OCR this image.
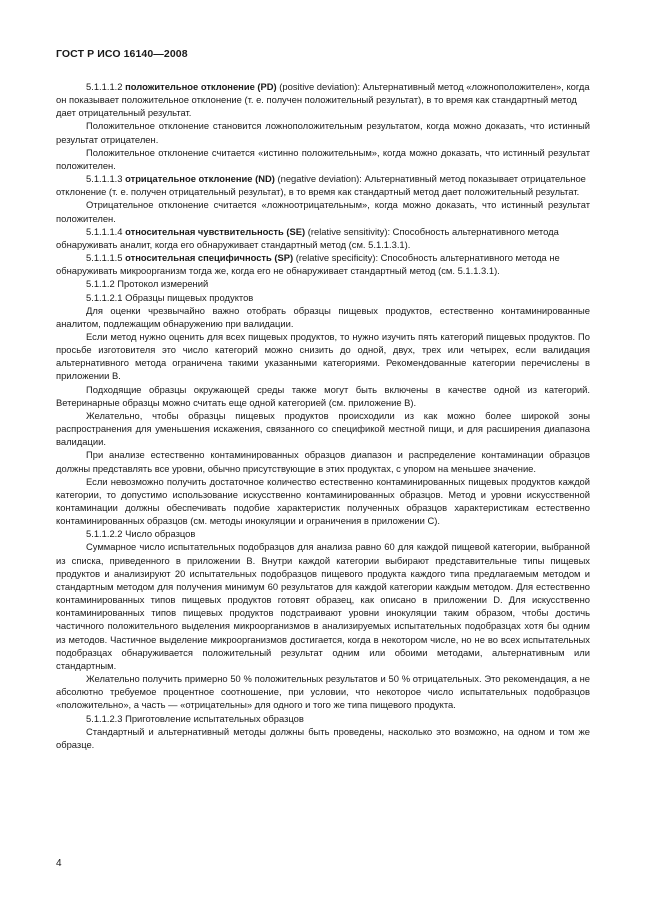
ГОСТ Р ИСО 16140—2008

5.1.1.1.2 положительное отклонение (PD) (positive deviation): Альтернативный метод «ложноположителен», когда он показывает положительное отклонение (т. е. получен положительный результат), в то время как стандартный метод дает отрицательный результат.

Положительное отклонение становится ложноположительным результатом, когда можно доказать, что истинный результат отрицателен.

Положительное отклонение считается «истинно положительным», когда можно доказать, что истинный результат положителен.

5.1.1.1.3 отрицательное отклонение (ND) (negative deviation): Альтернативный метод показывает отрицательное отклонение (т. е. получен отрицательный результат), в то время как стандартный метод дает положительный результат.

Отрицательное отклонение считается «ложноотрицательным», когда можно доказать, что истинный результат положителен.

5.1.1.1.4 относительная чувствительность (SE) (relative sensitivity): Способность альтернативного метода обнаруживать аналит, когда его обнаруживает стандартный метод (см. 5.1.1.3.1).

5.1.1.1.5 относительная специфичность (SP) (relative specificity): Способность альтернативного метода не обнаруживать микроорганизм тогда же, когда его не обнаруживает стандартный метод (см. 5.1.1.3.1).

5.1.1.2 Протокол измерений

5.1.1.2.1 Образцы пищевых продуктов

Для оценки чрезвычайно важно отобрать образцы пищевых продуктов, естественно контаминированные аналитом, подлежащим обнаружению при валидации.

Если метод нужно оценить для всех пищевых продуктов, то нужно изучить пять категорий пищевых продуктов. По просьбе изготовителя это число категорий можно снизить до одной, двух, трех или четырех, если валидация альтернативного метода ограничена такими указанными категориями. Рекомендованные категории перечислены в приложении В.

Подходящие образцы окружающей среды также могут быть включены в качестве одной из категорий. Ветеринарные образцы можно считать еще одной категорией (см. приложение В).

Желательно, чтобы образцы пищевых продуктов происходили из как можно более широкой зоны распространения для уменьшения искажения, связанного со спецификой местной пищи, и для расширения диапазона валидации.

При анализе естественно контаминированных образцов диапазон и распределение контаминации образцов должны представлять все уровни, обычно присутствующие в этих продуктах, с упором на меньшее значение.

Если невозможно получить достаточное количество естественно контаминированных пищевых продуктов каждой категории, то допустимо использование искусственно контаминированных образцов. Метод и уровни искусственной контаминации должны обеспечивать подобие характеристик полученных образцов характеристикам естественно контаминированных образцов (см. методы инокуляции и ограничения в приложении С).

5.1.1.2.2 Число образцов

Суммарное число испытательных подобразцов для анализа равно 60 для каждой пищевой категории, выбранной из списка, приведенного в приложении В. Внутри каждой категории выбирают представительные типы пищевых продуктов и анализируют 20 испытательных подобразцов пищевого продукта каждого типа предлагаемым методом и стандартным методом для получения минимум 60 результатов для каждой категории каждым методом. Для естественно контаминированных типов пищевых продуктов готовят образец, как описано в приложении D. Для искусственно контаминированных типов пищевых продуктов подстраивают уровни инокуляции таким образом, чтобы достичь частичного положительного выделения микроорганизмов в анализируемых испытательных подобразцах хотя бы одним из методов. Частичное выделение микроорганизмов достигается, когда в некотором числе, но не во всех испытательных подобразцах обнаруживается положительный результат одним или обоими методами, альтернативным или стандартным.

Желательно получить примерно 50 % положительных результатов и 50 % отрицательных. Это рекомендация, а не абсолютно требуемое процентное соотношение, при условии, что некоторое число испытательных подобразцов «положительно», а часть — «отрицательны» для одного и того же типа пищевого продукта.

5.1.1.2.3 Приготовление испытательных образцов

Стандартный и альтернативный методы должны быть проведены, насколько это возможно, на одном и том же образце.

4
